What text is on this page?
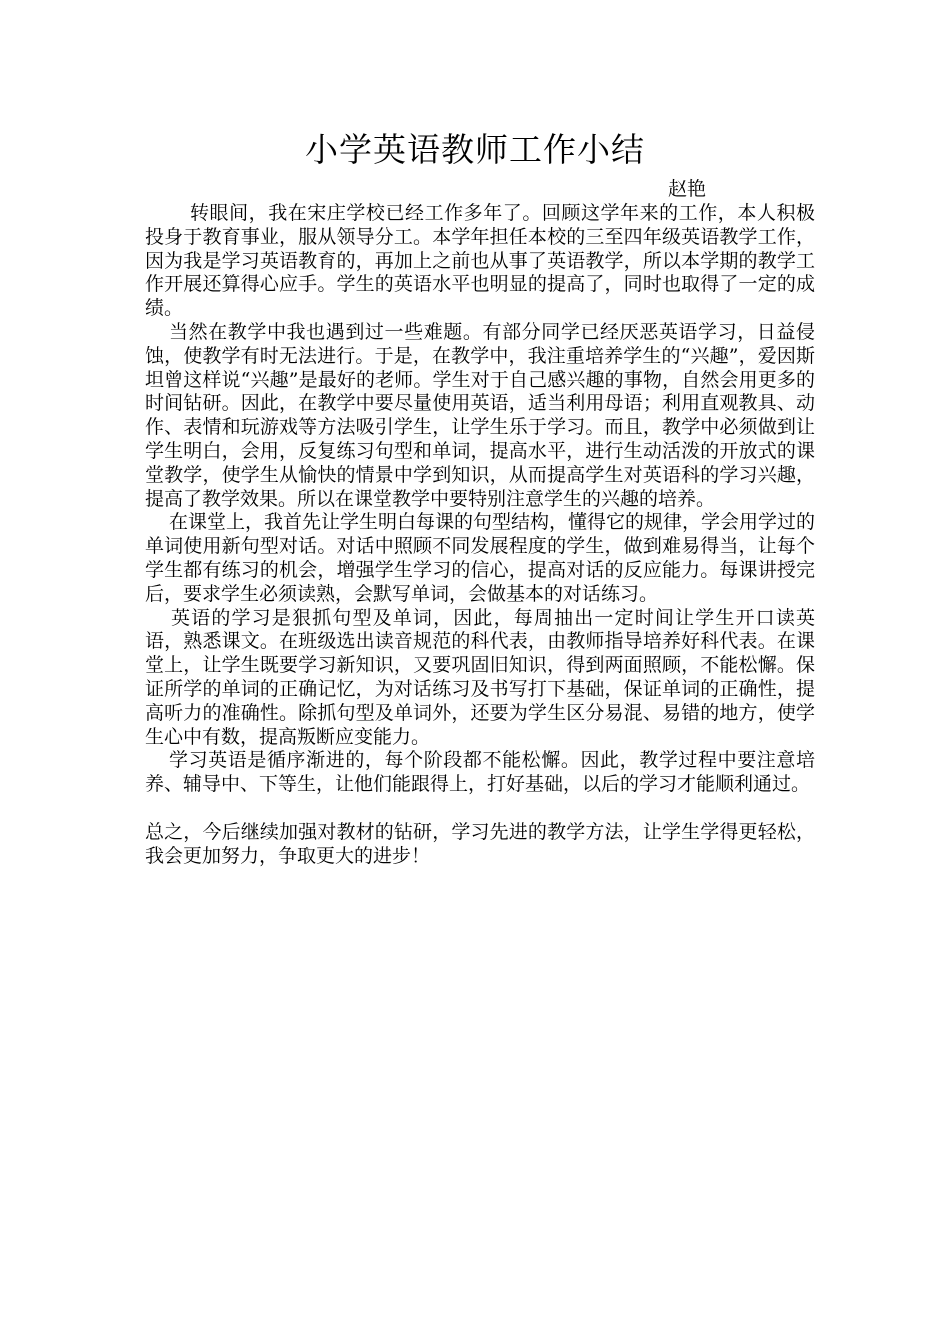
小学英语教师工作小结
赵艳

转眼间，我在宋庄学校已经工作多年了。回顾这学年来的工作，本人积极投身于教育事业，服从领导分工。本学年担任本校的三至四年级英语教学工作，因为我是学习英语教育的，再加上之前也从事了英语教学，所以本学期的教学工作开展还算得心应手。学生的英语水平也明显的提高了，同时也取得了一定的成绩。

当然在教学中我也遇到过一些难题。有部分同学已经厌恶英语学习，日益侵蚀，使教学有时无法进行。于是，在教学中，我注重培养学生的“兴趣”，爱因斯坦曾这样说“兴趣”是最好的老师。学生对于自己感兴趣的事物，自然会用更多的时间钻研。因此，在教学中要尽量使用英语，适当利用母语；利用直观教具、动作、表情和玩游戏等方法吸引学生，让学生乐于学习。而且，教学中必须做到让学生明白，会用，反复练习句型和单词，提高水平，进行生动活泼的开放式的课堂教学，使学生从愉快的情景中学到知识，从而提高学生对英语科的学习兴趣，提高了教学效果。所以在课堂教学中要特别注意学生的兴趣的培养。

在课堂上，我首先让学生明白每课的句型结构，懂得它的规律，学会用学过的单词使用新句型对话。对话中照顾不同发展程度的学生，做到难易得当，让每个学生都有练习的机会，增强学生学习的信心，提高对话的反应能力。每课讲授完后，要求学生必须读熟，会默写单词，会做基本的对话练习。

英语的学习是狠抓句型及单词，因此，每周抽出一定时间让学生开口读英语，熟悉课文。在班级选出读音规范的科代表，由教师指导培养好科代表。在课堂上，让学生既要学习新知识，又要巩固旧知识，得到两面照顾，不能松懈。保证所学的单词的正确记忆，为对话练习及书写打下基础，保证单词的正确性，提高听力的准确性。除抓句型及单词外，还要为学生区分易混、易错的地方，使学生心中有数，提高叛断应变能力。

学习英语是循序渐进的，每个阶段都不能松懈。因此，教学过程中要注意培养、辅导中、下等生，让他们能跟得上，打好基础，以后的学习才能顺利通过。

总之，今后继续加强对教材的钻研，学习先进的教学方法，让学生学得更轻松，我会更加努力，争取更大的进步！
